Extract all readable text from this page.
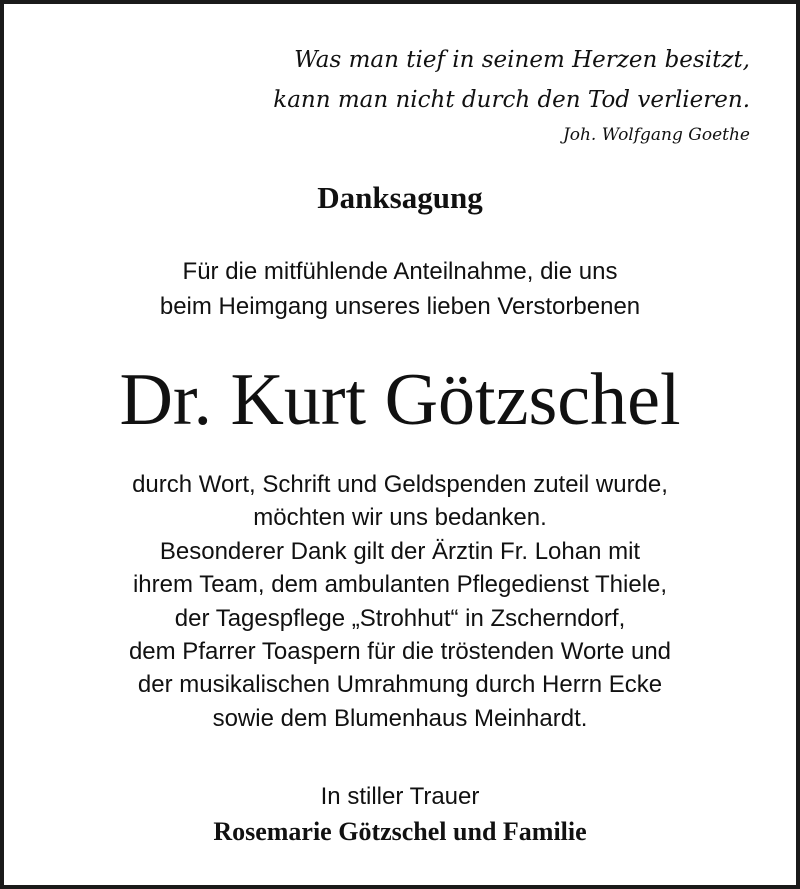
Was man tief in seinem Herzen besitzt,
kann man nicht durch den Tod verlieren.
Joh. Wolfgang Goethe
Danksagung
Für die mitfühlende Anteilnahme, die uns
beim Heimgang unseres lieben Verstorbenen
Dr. Kurt Götzschel
durch Wort, Schrift und Geldspenden zuteil wurde,
möchten wir uns bedanken.
Besonderer Dank gilt der Ärztin Fr. Lohan mit
ihrem Team, dem ambulanten Pflegedienst Thiele,
der Tagespflege „Strohhut“ in Zscherndorf,
dem Pfarrer Toaspern für die tröstenden Worte und
der musikalischen Umrahmung durch Herrn Ecke
sowie dem Blumenhaus Meinhardt.
In stiller Trauer
Rosemarie Götzschel und Familie
